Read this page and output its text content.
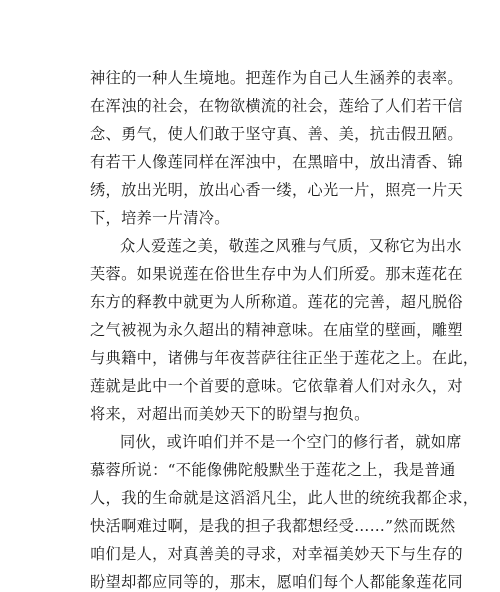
神往的一种人生境地。把莲作为自己人生涵养的表率。
在浑浊的社会，在物欲横流的社会，莲给了人们若干信
念、勇气，使人们敢于坚守真、善、美，抗击假丑陋。
有若干人像莲同样在浑浊中，在黑暗中，放出清香、锦
绣，放出光明，放出心香一缕，心光一片，照亮一片天
下，培养一片清冷。
众人爱莲之美，敬莲之风雅与气质，又称它为出水
芙蓉。如果说莲在俗世生存中为人们所爱。那末莲花在
东方的释教中就更为人所称道。莲花的完善，超凡脱俗
之气被视为永久超出的精神意味。在庙堂的壁画，雕塑
与典籍中，诸佛与年夜菩萨往往正坐于莲花之上。在此，
莲就是此中一个首要的意味。它依靠着人们对永久，对
将来，对超出而美妙天下的盼望与抱负。
同伙，或许咱们并不是一个空门的修行者，就如席
慕蓉所说：“不能像佛陀般默坐于莲花之上，我是普通
人，我的生命就是这滔滔凡尘，此人世的统统我都企求，
快活啊难过啊，是我的担子我都想经受……”然而既然
咱们是人，对真善美的寻求，对幸福美妙天下与生存的
盼望却都应同等的，那末，愿咱们每个人都能象莲花同
